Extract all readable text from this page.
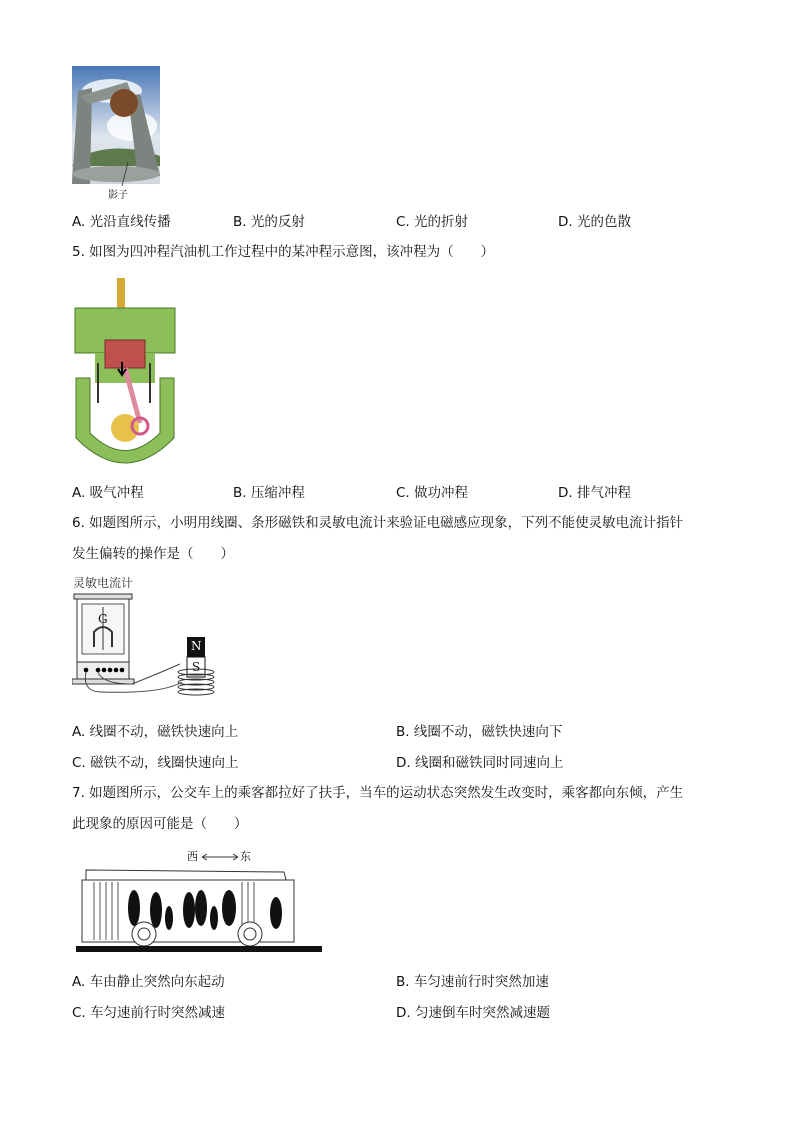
影子
A. 光沿直线传播	B. 光的反射	C. 光的折射	D. 光的色散
5. 如图为四冲程汽油机工作过程中的某冲程示意图，该冲程为（　　）
A. 吸气冲程	B. 压缩冲程	C. 做功冲程	D. 排气冲程
6. 如题图所示，小明用线圈、条形磁铁和灵敏电流计来验证电磁感应现象，下列不能使灵敏电流计指针
发生偏转的操作是（　　）
灵敏电流计
G
N
S
A. 线圈不动，磁铁快速向上	B. 线圈不动，磁铁快速向下
C. 磁铁不动，线圈快速向上	D. 线圈和磁铁同时同速向上
7. 如题图所示，公交车上的乘客都拉好了扶手，当车的运动状态突然发生改变时，乘客都向东倾，产生
此现象的原因可能是（　　）
西	东
A. 车由静止突然向东起动	B. 车匀速前行时突然加速
C. 车匀速前行时突然减速	D. 匀速倒车时突然减速题
